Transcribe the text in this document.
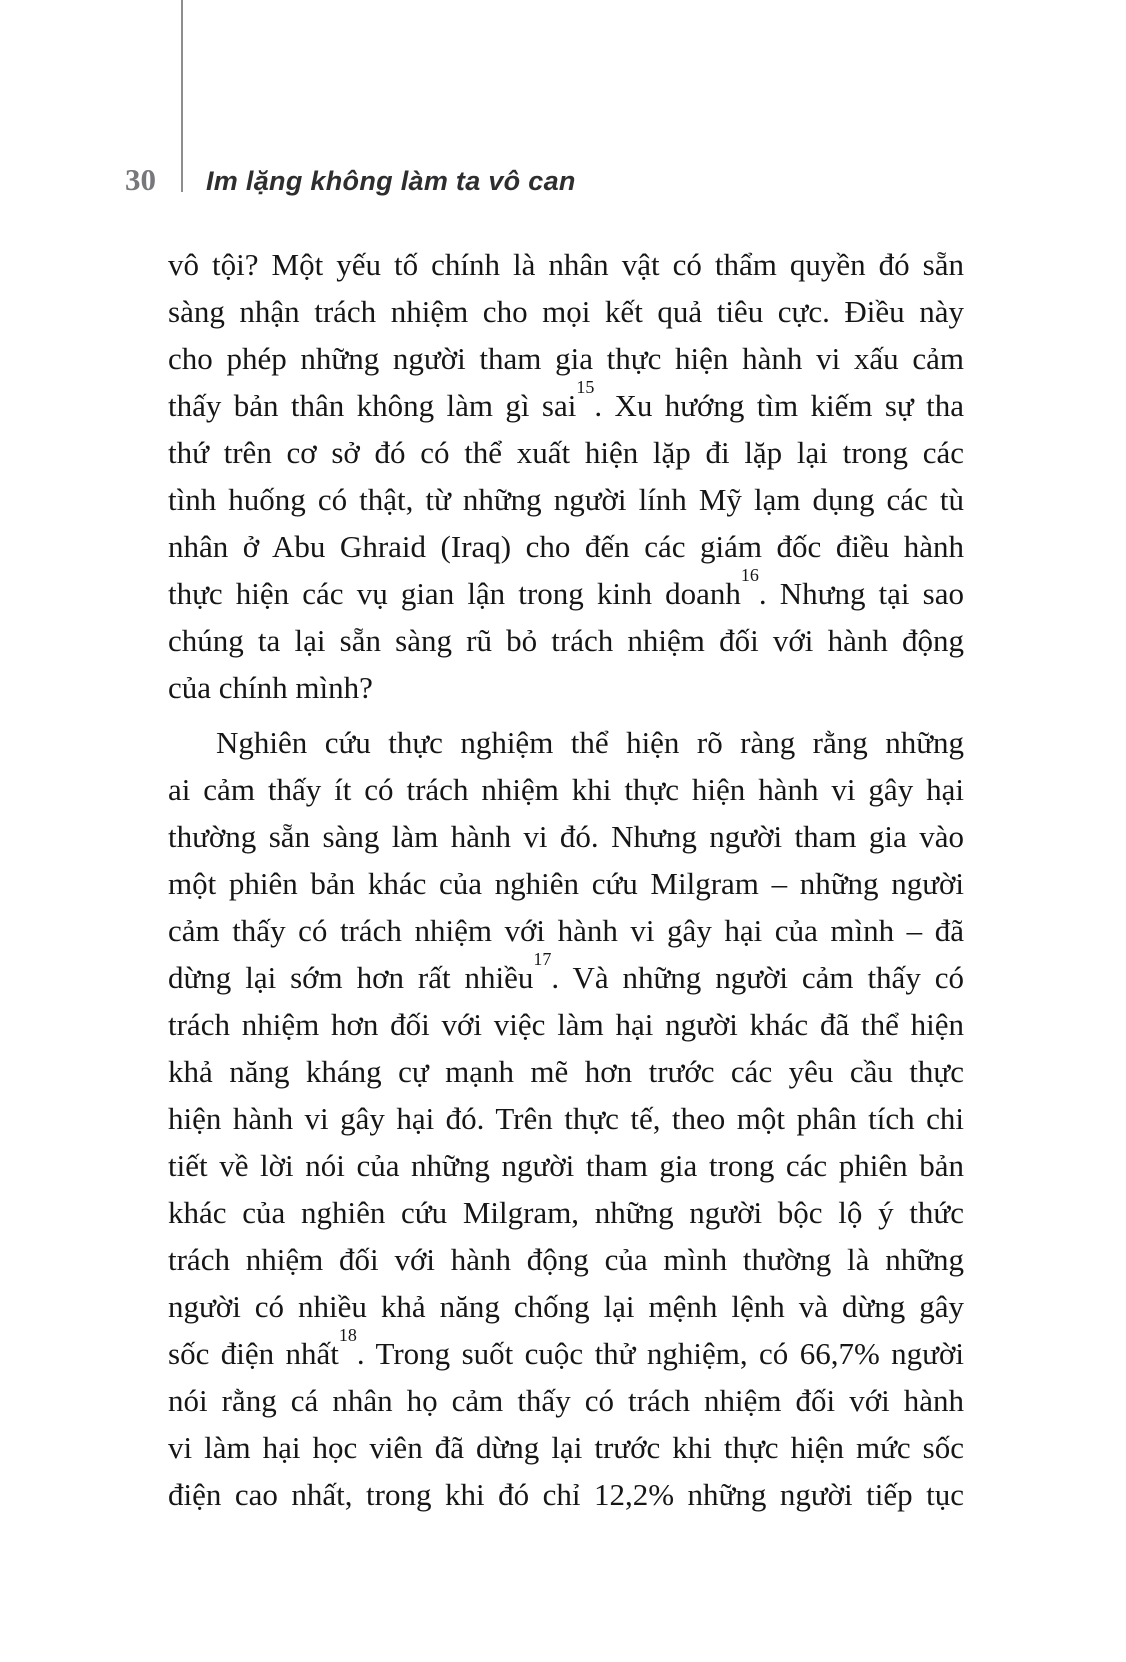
30 Im lặng không làm ta vô can
vô tội? Một yếu tố chính là nhân vật có thẩm quyền đó sẵn
sàng nhận trách nhiệm cho mọi kết quả tiêu cực. Điều này
cho phép những người tham gia thực hiện hành vi xấu cảm
thấy bản thân không làm gì sai$^{15}$. Xu hướng tìm kiếm sự tha
thứ trên cơ sở đó có thể xuất hiện lặp đi lặp lại trong các
tình huống có thật, từ những người lính Mỹ lạm dụng các tù
nhân ở Abu Ghraid (Iraq) cho đến các giám đốc điều hành
thực hiện các vụ gian lận trong kinh doanh$^{16}$. Nhưng tại sao
chúng ta lại sẵn sàng rũ bỏ trách nhiệm đối với hành động
của chính mình?
Nghiên cứu thực nghiệm thể hiện rõ ràng rằng những
ai cảm thấy ít có trách nhiệm khi thực hiện hành vi gây hại
thường sẵn sàng làm hành vi đó. Nhưng người tham gia vào
một phiên bản khác của nghiên cứu Milgram – những người
cảm thấy có trách nhiệm với hành vi gây hại của mình – đã
dừng lại sớm hơn rất nhiều$^{17}$. Và những người cảm thấy có
trách nhiệm hơn đối với việc làm hại người khác đã thể hiện
khả năng kháng cự mạnh mẽ hơn trước các yêu cầu thực
hiện hành vi gây hại đó. Trên thực tế, theo một phân tích chi
tiết về lời nói của những người tham gia trong các phiên bản
khác của nghiên cứu Milgram, những người bộc lộ ý thức
trách nhiệm đối với hành động của mình thường là những
người có nhiều khả năng chống lại mệnh lệnh và dừng gây
sốc điện nhất$^{18}$. Trong suốt cuộc thử nghiệm, có 66,7% người
nói rằng cá nhân họ cảm thấy có trách nhiệm đối với hành
vi làm hại học viên đã dừng lại trước khi thực hiện mức sốc
điện cao nhất, trong khi đó chỉ 12,2% những người tiếp tục
